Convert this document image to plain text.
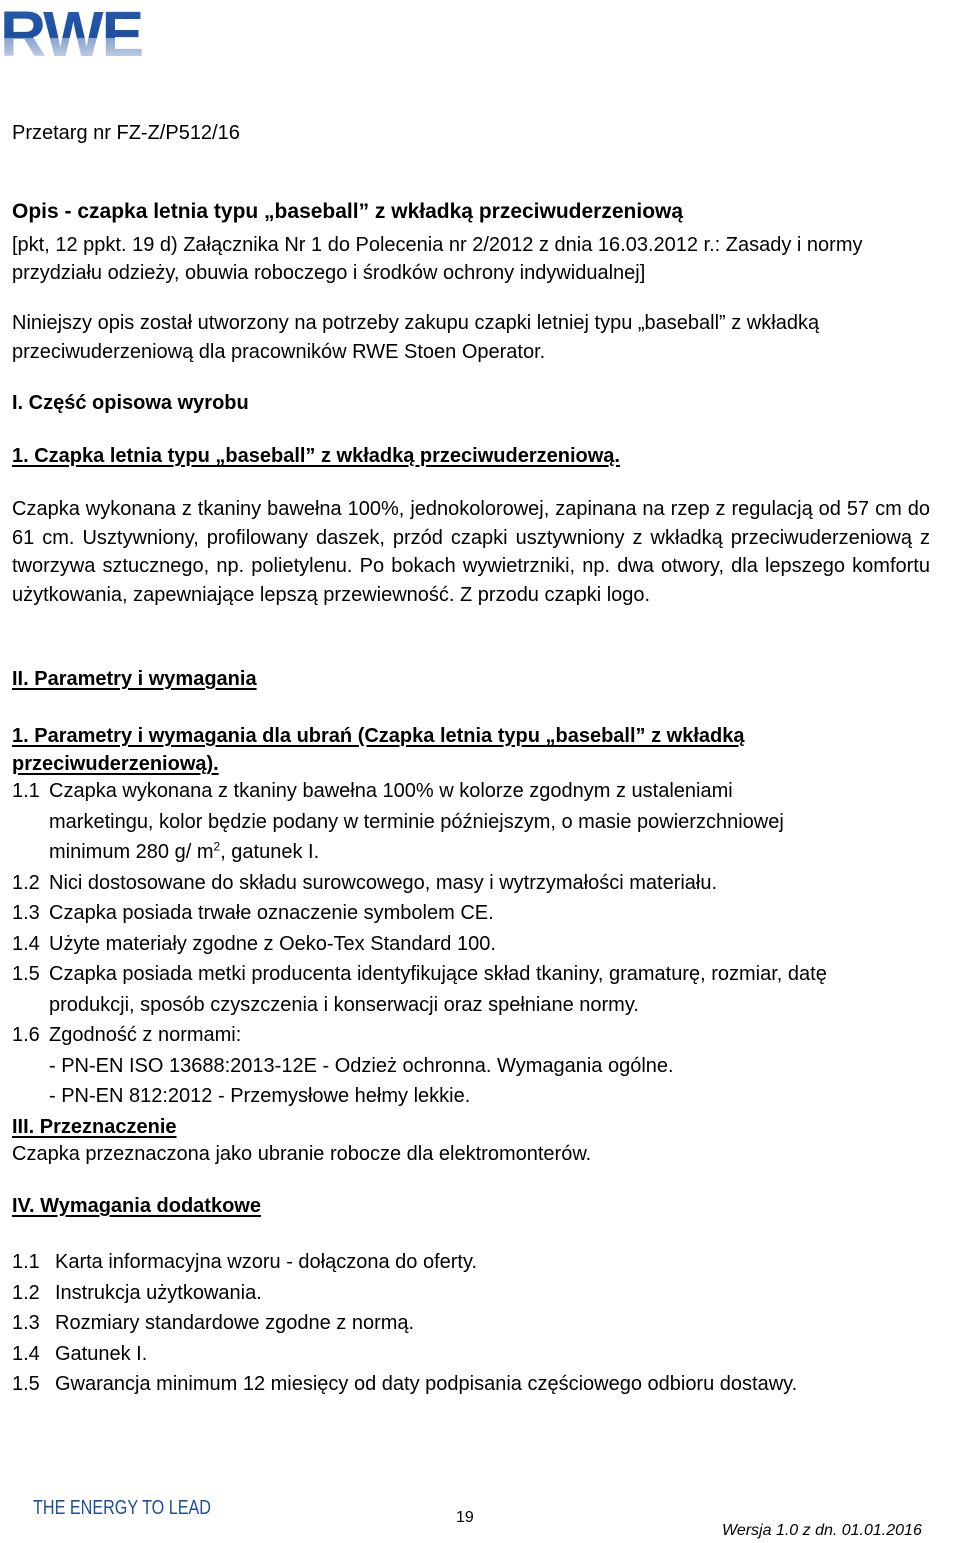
RWE
Przetarg nr FZ-Z/P512/16
Opis - czapka letnia typu „baseball” z wkładką przeciwuderzeniową
[pkt, 12 ppkt. 19 d) Załącznika Nr 1 do Polecenia nr 2/2012 z dnia 16.03.2012 r.: Zasady i normy przydziału odzieży, obuwia roboczego i środków ochrony indywidualnej]
Niniejszy opis został utworzony na potrzeby zakupu czapki letniej typu „baseball” z wkładką przeciwuderzeniową dla pracowników RWE Stoen Operator.
I. Część opisowa wyrobu
1. Czapka letnia typu „baseball” z wkładką przeciwuderzeniową.
Czapka wykonana z tkaniny bawełna 100%, jednokolorowej, zapinana na rzep z regulacją od 57 cm do 61 cm. Usztywniony, profilowany daszek, przód czapki usztywniony z wkładką przeciwuderzeniową z tworzywa sztucznego, np. polietylenu. Po bokach wywietrzniki, np. dwa otwory, dla lepszego komfortu użytkowania, zapewniające lepszą przewiewność. Z przodu czapki logo.
II. Parametry i wymagania
1. Parametry i wymagania dla ubrań (Czapka letnia typu „baseball” z wkładką przeciwuderzeniową).
1.1 Czapka wykonana z tkaniny bawełna 100% w kolorze zgodnym z ustaleniami
marketingu, kolor będzie podany w terminie późniejszym, o masie powierzchniowej
minimum 280 g/ $m^2$, gatunek I.
1.2 Nici dostosowane do składu surowcowego, masy i wytrzymałości materiału.
1.3 Czapka posiada trwałe oznaczenie symbolem CE.
1.4 Użyte materiały zgodne z Oeko-Tex Standard 100.
1.5 Czapka posiada metki producenta identyfikujące skład tkaniny, gramaturę, rozmiar, datę
produkcji, sposób czyszczenia i konserwacji oraz spełniane normy.
1.6 Zgodność z normami:
- PN-EN ISO 13688:2013-12E - Odzież ochronna. Wymagania ogólne.
- PN-EN 812:2012 - Przemysłowe hełmy lekkie.
III. Przeznaczenie
Czapka przeznaczona jako ubranie robocze dla elektromonterów.
IV. Wymagania dodatkowe
1.1 Karta informacyjna wzoru - dołączona do oferty.
1.2 Instrukcja użytkowania.
1.3 Rozmiary standardowe zgodne z normą.
1.4 Gatunek I.
1.5 Gwarancja minimum 12 miesięcy od daty podpisania częściowego odbioru dostawy.
THE ENERGY TO LEAD	19
Wersja 1.0 z dn. 01.01.2016
